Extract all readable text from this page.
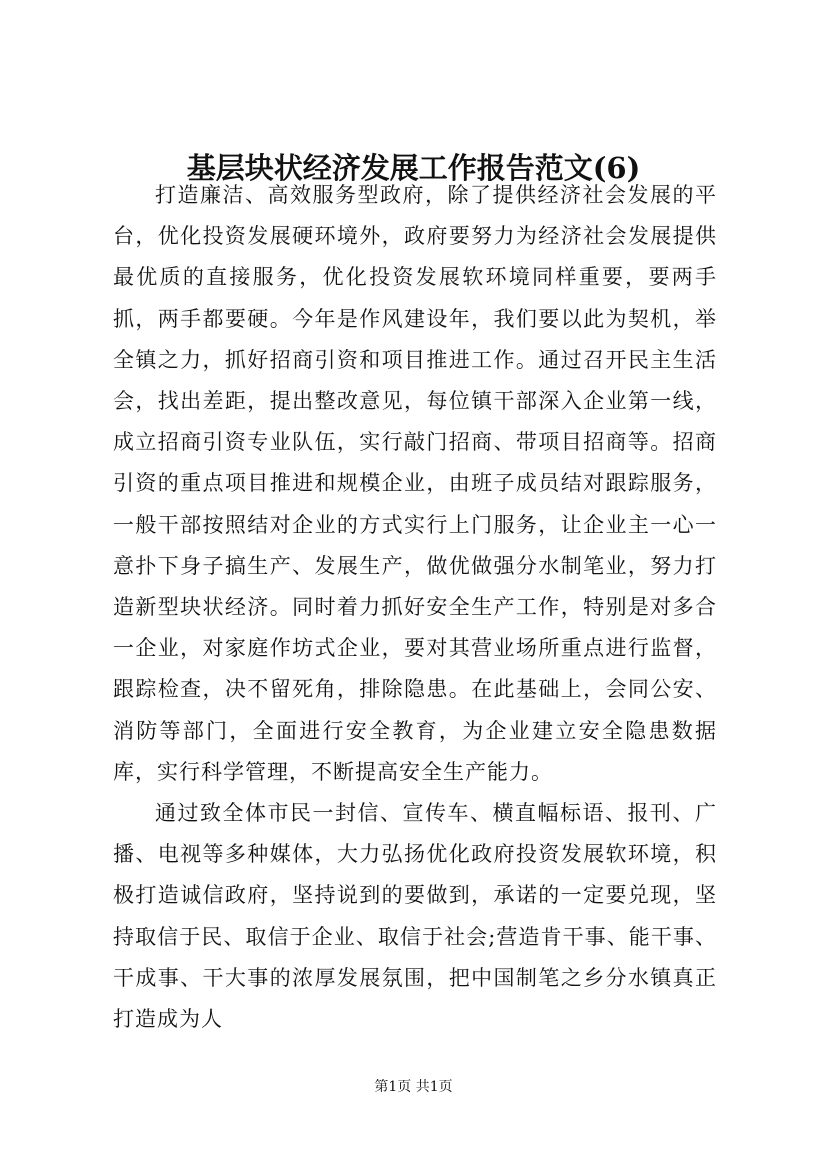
基层块状经济发展工作报告范文(6)

打造廉洁、高效服务型政府，除了提供经济社会发展的平台，优化投资发展硬环境外，政府要努力为经济社会发展提供最优质的直接服务，优化投资发展软环境同样重要，要两手抓，两手都要硬。今年是作风建设年，我们要以此为契机，举全镇之力，抓好招商引资和项目推进工作。通过召开民主生活会，找出差距，提出整改意见，每位镇干部深入企业第一线，成立招商引资专业队伍，实行敲门招商、带项目招商等。招商引资的重点项目推进和规模企业，由班子成员结对跟踪服务，一般干部按照结对企业的方式实行上门服务，让企业主一心一意扑下身子搞生产、发展生产，做优做强分水制笔业，努力打造新型块状经济。同时着力抓好安全生产工作，特别是对多合一企业，对家庭作坊式企业，要对其营业场所重点进行监督，跟踪检查，决不留死角，排除隐患。在此基础上，会同公安、消防等部门，全面进行安全教育，为企业建立安全隐患数据库，实行科学管理，不断提高安全生产能力。

通过致全体市民一封信、宣传车、横直幅标语、报刊、广播、电视等多种媒体，大力弘扬优化政府投资发展软环境，积极打造诚信政府，坚持说到的要做到，承诺的一定要兑现，坚持取信于民、取信于企业、取信于社会;营造肯干事、能干事、干成事、干大事的浓厚发展氛围，把中国制笔之乡分水镇真正打造成为人

第1页 共1页
